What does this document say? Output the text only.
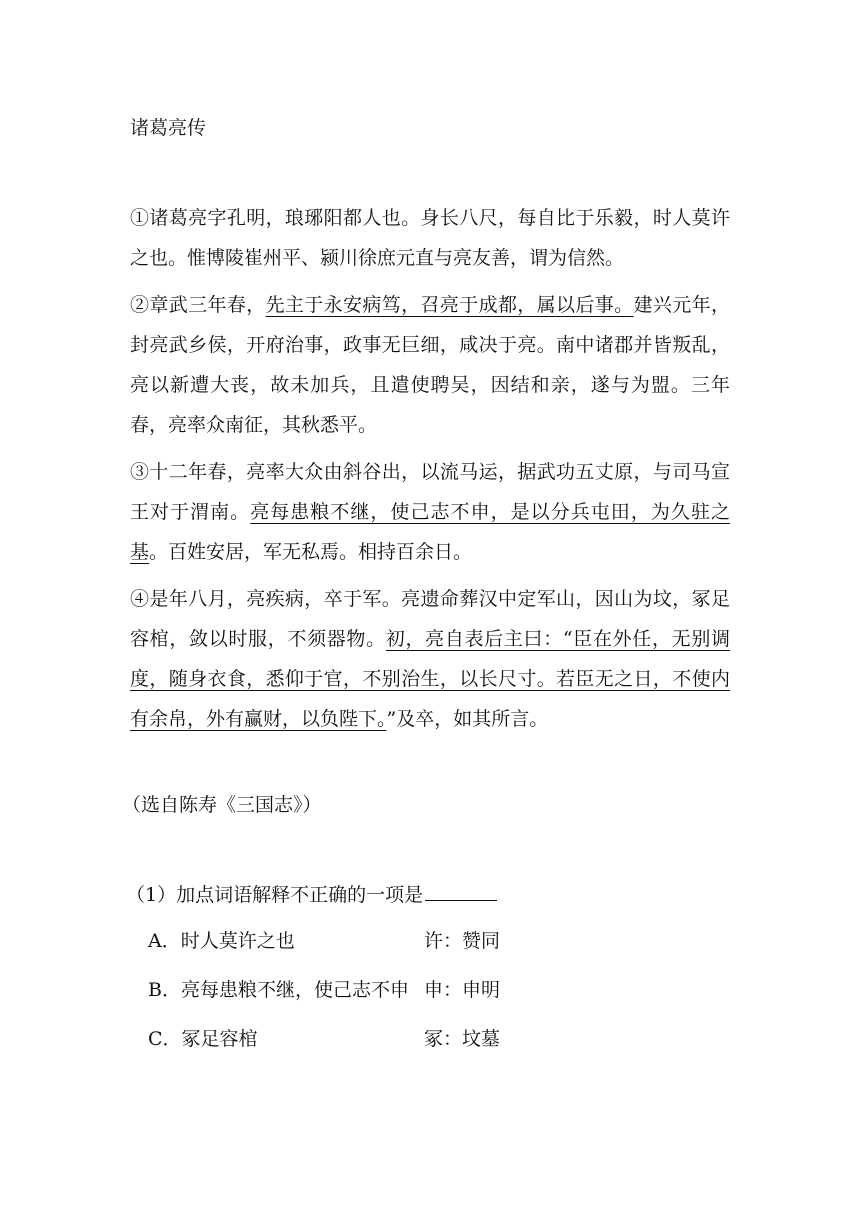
诸葛亮传

①诸葛亮字孔明，琅琊阳都人也。身长八尺，每自比于乐毅，时人莫许之也。惟博陵崔州平、颍川徐庶元直与亮友善，谓为信然。

②章武三年春，先主于永安病笃，召亮于成都，属以后事。建兴元年，封亮武乡侯，开府治事，政事无巨细，咸决于亮。南中诸郡并皆叛乱，亮以新遭大丧，故未加兵，且遣使聘吴，因结和亲，遂与为盟。三年春，亮率众南征，其秋悉平。

③十二年春，亮率大众由斜谷出，以流马运，据武功五丈原，与司马宣王对于渭南。亮每患粮不继，使己志不申，是以分兵屯田，为久驻之基。百姓安居，军无私焉。相持百余日。

④是年八月，亮疾病，卒于军。亮遗命葬汉中定军山，因山为坟，冢足容棺，敛以时服，不须器物。初，亮自表后主曰：“臣在外任，无别调度，随身衣食，悉仰于官，不别治生，以长尺寸。若臣无之日，不使内有余帛，外有赢财，以负陛下。”及卒，如其所言。

（选自陈寿《三国志》）

（1）加点词语解释不正确的一项是
A．时人莫许之也	许：赞同
B．亮每患粮不继，使己志不申 申：申明
C．冢足容棺	冢：坟墓
